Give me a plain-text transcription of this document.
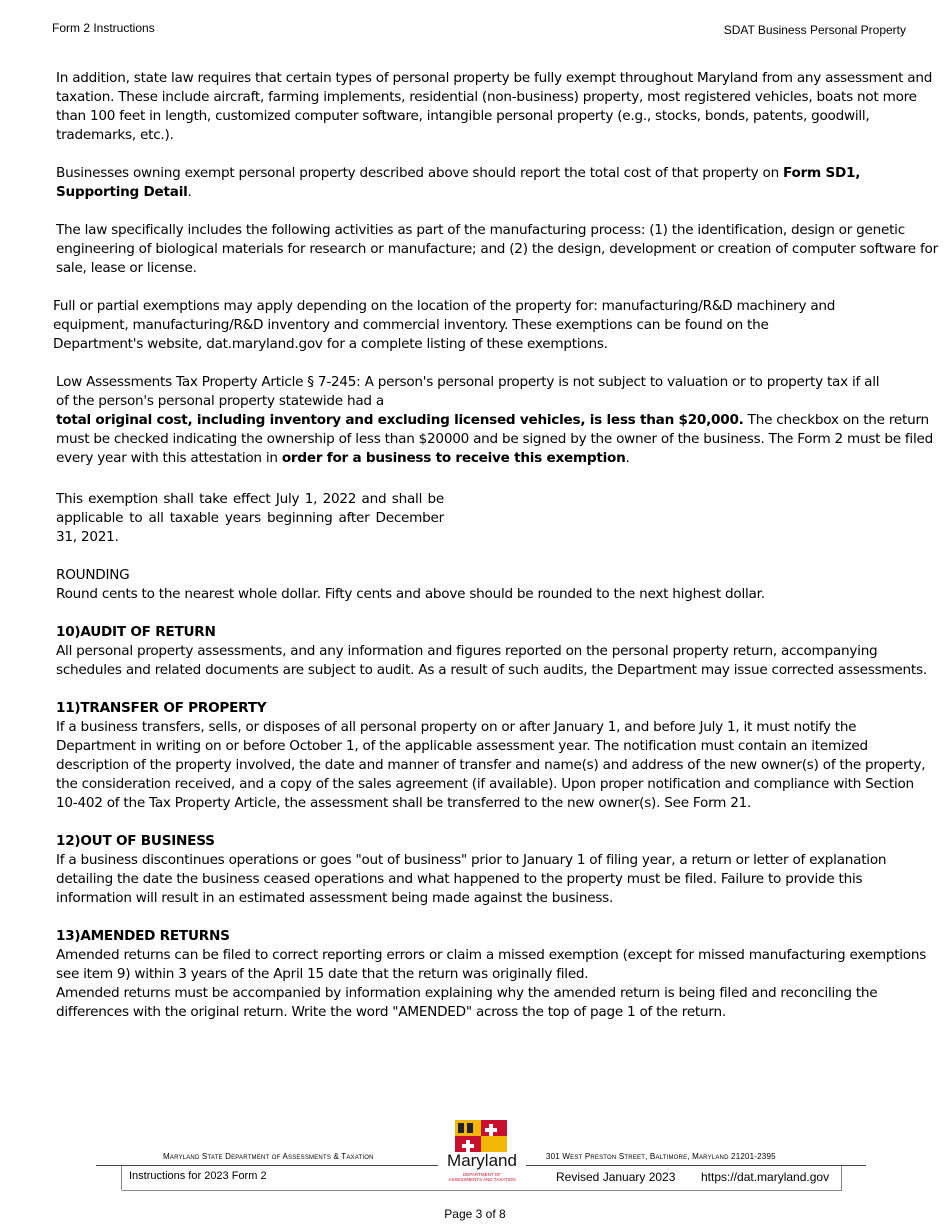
Form 2 Instructions	SDAT Business Personal Property

In addition, state law requires that certain types of personal property be fully exempt throughout Maryland from any assessment and taxation. These include aircraft, farming implements, residential (non-business) property, most registered vehicles, boats not more than 100 feet in length, customized computer software, intangible personal property (e.g., stocks, bonds, patents, goodwill, trademarks, etc.).

Businesses owning exempt personal property described above should report the total cost of that property on Form SD1, Supporting Detail.

The law specifically includes the following activities as part of the manufacturing process: (1) the identification, design or genetic engineering of biological materials for research or manufacture; and (2) the design, development or creation of computer software for sale, lease or license.

Full or partial exemptions may apply depending on the location of the property for: manufacturing/R&D machinery and equipment, manufacturing/R&D inventory and commercial inventory. These exemptions can be found on the Department's website, dat.maryland.gov for a complete listing of these exemptions.

Low Assessments Tax Property Article § 7-245: A person's personal property is not subject to valuation or to property tax if all of the person's personal property statewide had a
total original cost, including inventory and excluding licensed vehicles, is less than $20,000. The checkbox on the return must be checked indicating the ownership of less than $20000 and be signed by the owner of the business. The Form 2 must be filed every year with this attestation in order for a business to receive this exemption.

This exemption shall take effect July 1, 2022 and shall be applicable to all taxable years beginning after December 31, 2021.

ROUNDING

Round cents to the nearest whole dollar. Fifty cents and above should be rounded to the next highest dollar.

10)AUDIT OF RETURN

All personal property assessments, and any information and figures reported on the personal property return, accompanying schedules and related documents are subject to audit. As a result of such audits, the Department may issue corrected assessments.

11)TRANSFER OF PROPERTY

If a business transfers, sells, or disposes of all personal property on or after January 1, and before July 1, it must notify the Department in writing on or before October 1, of the applicable assessment year. The notification must contain an itemized description of the property involved, the date and manner of transfer and name(s) and address of the new owner(s) of the property, the consideration received, and a copy of the sales agreement (if available). Upon proper notification and compliance with Section 10-402 of the Tax Property Article, the assessment shall be transferred to the new owner(s). See Form 21.

12)OUT OF BUSINESS

If a business discontinues operations or goes "out of business" prior to January 1 of filing year, a return or letter of explanation detailing the date the business ceased operations and what happened to the property must be filed. Failure to provide this information will result in an estimated assessment being made against the business.

13)AMENDED RETURNS

Amended returns can be filed to correct reporting errors or claim a missed exemption (except for missed manufacturing exemptions see item 9) within 3 years of the April 15 date that the return was originally filed.

Amended returns must be accompanied by information explaining why the amended return is being filed and reconciling the differences with the original return. Write the word "AMENDED" across the top of page 1 of the return.

Maryland State Department of Assessments & Taxation	301 West Preston Street, Baltimore, Maryland 21201-2395
Maryland
DEPARTMENT OF
ASSESSMENTS AND TAXATION
Instructions for 2023 Form 2	Revised January 2023 https://dat.maryland.gov
Page 3 of 8
